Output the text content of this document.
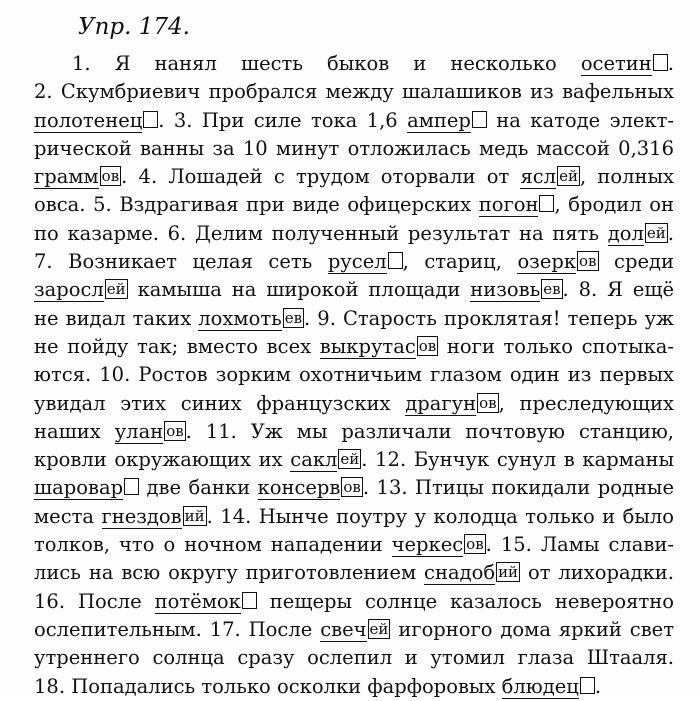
Упр. 174.
1. Я нанял шесть быков и несколько осетин .
2. Скумбриевич пробрался между шалашиков из вафельных
полотенец . 3. При силе тока 1,6 ампер на катоде элект-
рической ванны за 10 минут отложилась медь массой 0,316
грамм ов . 4. Лошадей с трудом оторвали от ясл ей , полных
овса. 5. Вздрагивая при виде офицерских погон , бродил он
по казарме. 6. Делим полученный результат на пять дол ей .
7. Возникает целая сеть русел , стариц, озерк ов среди
заросл ей камыша на широкой площади низовь ев . 8. Я ещё
не видал таких лохмоть ев . 9. Старость проклятая! теперь уж
не пойду так; вместо всех выкрутас ов ноги только спотыка-
ются. 10. Ростов зорким охотничьим глазом один из первых
увидал этих синих французских драгун ов , преследующих
наших улан ов . 11. Уж мы различали почтовую станцию,
кровли окружающих их сакл ей . 12. Бунчук сунул в карманы
шаровар две банки консерв ов . 13. Птицы покидали родные
места гнездов ий . 14. Нынче поутру у колодца только и было
толков, что о ночном нападении черкес ов . 15. Ламы слави-
лись на всю округу приготовлением снадоб ий от лихорадки.
16. После потёмок пещеры солнце казалось невероятно
ослепительным. 17. После свеч ей игорного дома яркий свет
утреннего солнца сразу ослепил и утомил глаза Штааля.
18. Попадались только осколки фарфоровых блюдец .
